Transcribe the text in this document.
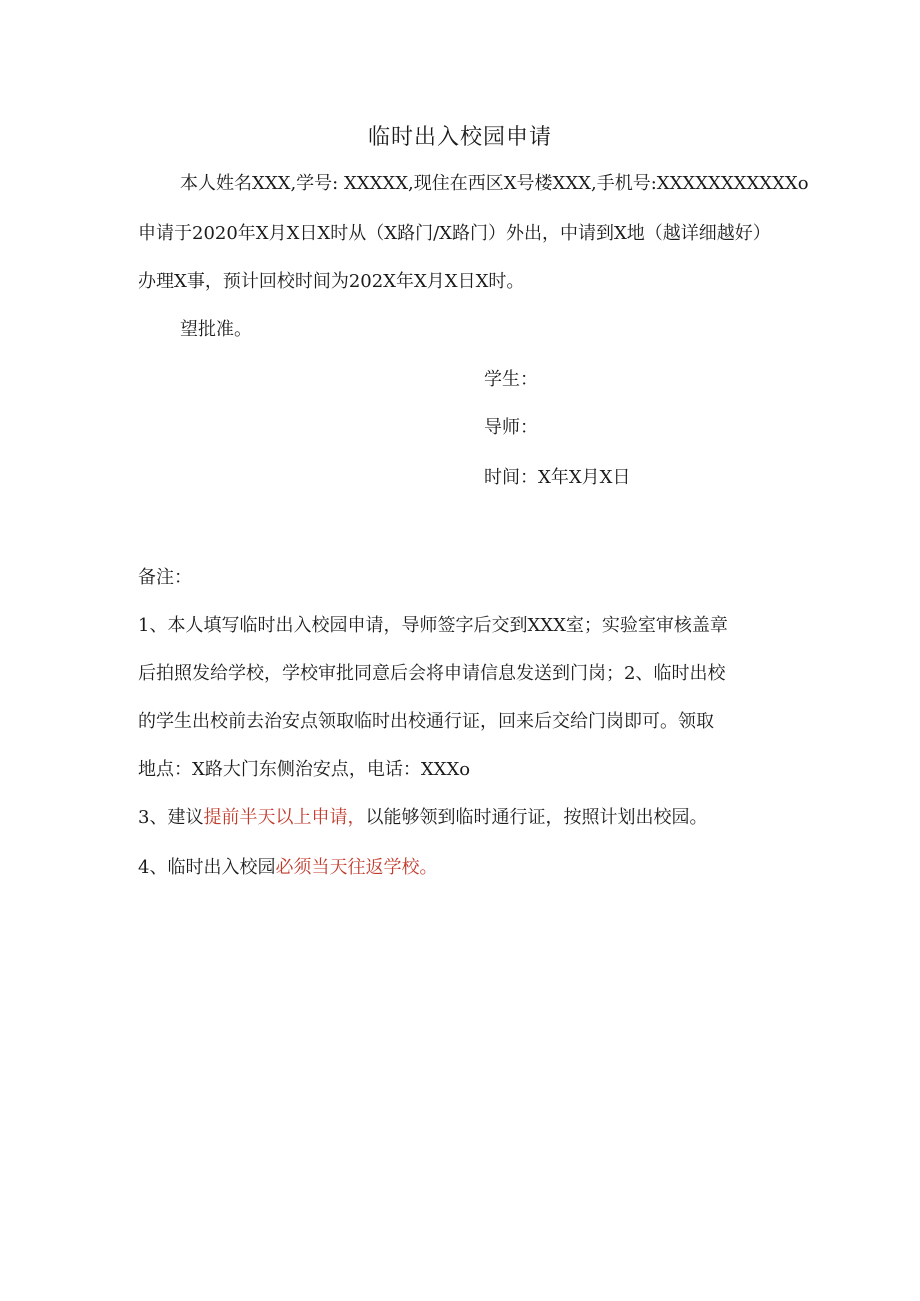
临时出入校园申请
本人姓名XXX,学号: XXXXX,现住在西区X号楼XXX,手机号:XXXXXXXXXXXo
申请于2020年X月X日X时从（X路门/X路门）外出，中请到X地（越详细越好）
办理X事，预计回校时间为202X年X月X日X时。
望批准。
学生：
导师：
时间：X年X月X日
备注：
1、本人填写临时出入校园申请，导师签字后交到XXX室；实验室审核盖章
后拍照发给学校，学校审批同意后会将申请信息发送到门岗；2、临时出校
的学生出校前去治安点领取临时出校通行证，回来后交给门岗即可。领取
地点：X路大门东侧治安点，电话：XXXo
3、建议提前半天以上申请，以能够领到临时通行证，按照计划出校园。
4、临时出入校园必须当天往返学校。
